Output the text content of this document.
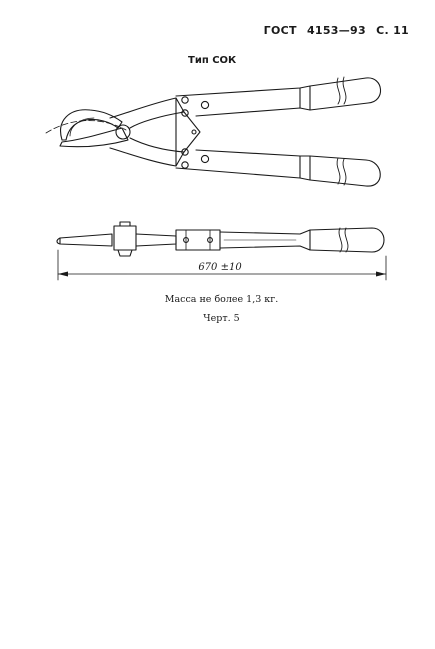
ГОСТ 4153—93 С. 11
Тип СОК
670 ±10
Масса не более 1,3 кг.
Черт. 5
